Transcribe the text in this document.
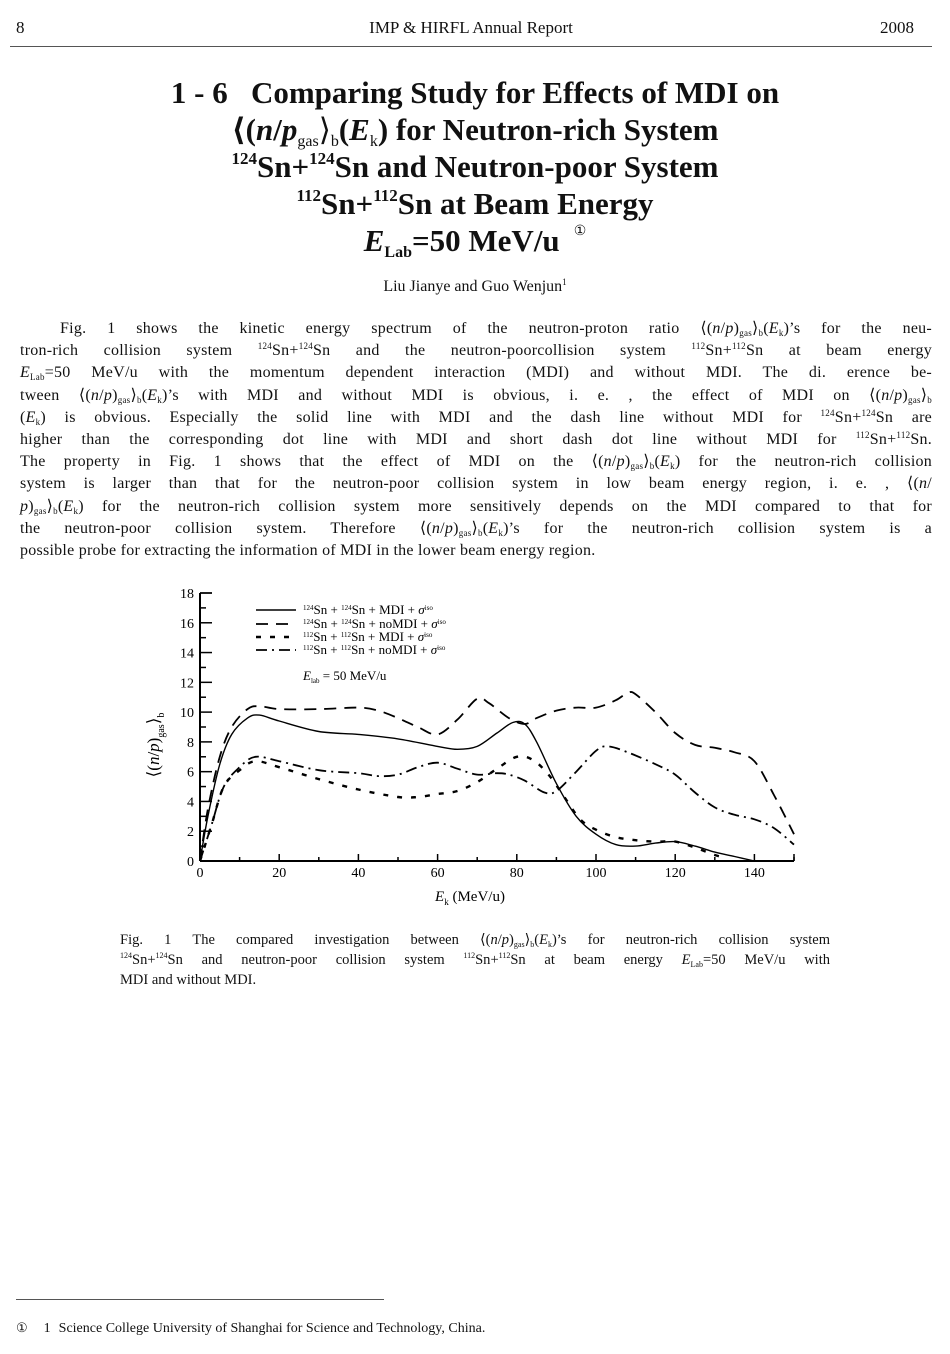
8	IMP & HIRFL Annual Report	2008
1 - 6 Comparing Study for Effects of MDI on
$⟨(n/p_{gas}⟩_b(E_k)$ for Neutron-rich System
$^{124}$Sn+$^{124}$Sn and Neutron-poor System
$^{112}$Sn+$^{112}$Sn at Beam Energy
$E_{Lab}=50$ MeV/u ①
Liu Jianye and Guo Wenjun$^1$
Fig. 1 shows the kinetic energy spectrum of the neutron-proton ratio $⟨(n/p)_{gas}⟩_b(E_k)’s$ for the neu-
tron-rich collision system $^{124}$Sn+$^{124}$Sn and the neutron-poorcollision system $^{112}$Sn+$^{112}$Sn at beam energy
$E_{Lab}=50$ MeV/u with the momentum dependent interaction (MDI) and without MDI. The di. erence be-
tween $⟨(n/p)_{gas}⟩_b(E_k)’s$ with MDI and without MDI is obvious, i. e. , the effect of MDI on $⟨(n/p)_{gas}⟩_b$
$(E_k)$ is obvious. Especially the solid line with MDI and the dash line without MDI for $^{124}$Sn+$^{124}$Sn are
higher than the corresponding dot line with MDI and short dash dot line without MDI for $^{112}$Sn+$^{112}$Sn.
The property in Fig. 1 shows that the effect of MDI on the $⟨(n/p)_{gas}⟩_b(E_k)$ for the neutron-rich collision
system is larger than that for the neutron-poor collision system in low beam energy region, i. e. , ⟨(n/
$p)_{gas}⟩_b(E_k)$ for the neutron-rich collision system more sensitively depends on the MDI compared to that for
the neutron-poor collision system. Therefore $⟨(n/p)_{gas}⟩_b(E_k)’s$ for the neutron-rich collision system is a
possible probe for extracting the information of MDI in the lower beam energy region.
0
2
4
6
8
10
12
14
16
18
0	20	40	60	80	100	120	140
$^{124}$Sn + $^{124}$Sn + MDI + $\sigma^{iso}$
$^{124}$Sn + $^{124}$Sn + noMDI + $\sigma^{iso}$
$^{112}$Sn + $^{112}$Sn + MDI + $\sigma^{iso}$
$^{112}$Sn + $^{112}$Sn + noMDI + $\sigma^{iso}$
$E_{lab} = 50$ MeV/u
$⟨(n/p)_{gas}⟩_b$
$E_k$ (MeV/u)
Fig. 1 The compared investigation between $⟨(n/p)_{gas}⟩_b(E_k)’s$ for neutron-rich collision system
$^{124}$Sn+$^{124}$Sn and neutron-poor collision system $^{112}$Sn+$^{112}$Sn at beam energy $E_{Lab}=50$ MeV/u with
MDI and without MDI.
① 1 Science College University of Shanghai for Science and Technology, China.
